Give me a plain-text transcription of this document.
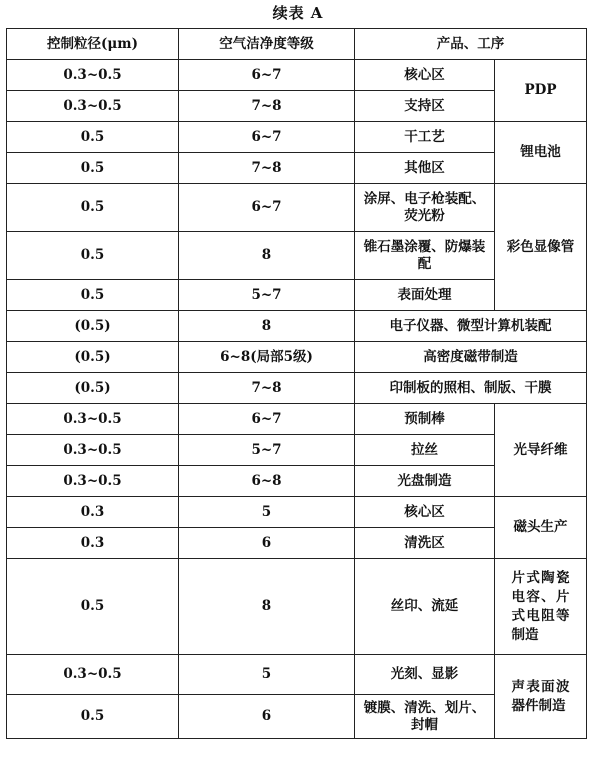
续表 A
控制粒径(μm)	空气洁净度等级	产品、工序	
0.3~0.5	6~7	核心区	PDP
0.3~0.5	7~8	支持区	
0.5	6~7	干工艺	锂电池
0.5	7~8	其他区	
0.5	6~7	涂屏、电子枪装配、荧光粉	彩色显像管
0.5	8	锥石墨涂覆、防爆装配	
0.5	5~7	表面处理	
(0.5)	8	电子仪器、微型计算机装配	
(0.5)	6~8(局部5级)	高密度磁带制造	
(0.5)	7~8	印制板的照相、制版、干膜	
0.3~0.5	6~7	预制棒	光导纤维
0.3~0.5	5~7	拉丝	
0.3~0.5	6~8	光盘制造	
0.3	5	核心区	磁头生产
0.3	6	清洗区	
0.5	8	丝印、流延	片式陶瓷电容、片式电阻等制造
0.3~0.5	5	光刻、显影	声表面波器件制造
0.5	6	镀膜、清洗、划片、封帽	
